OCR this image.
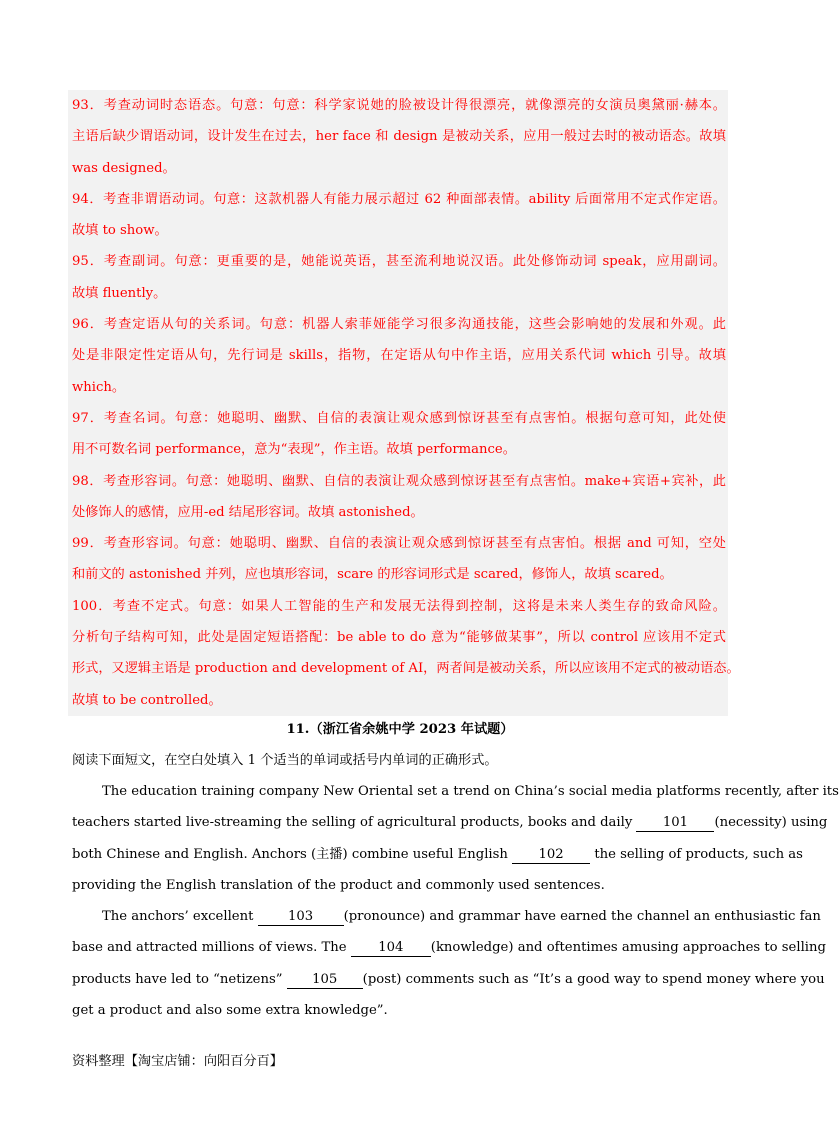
93．考查动词时态语态。句意：句意：科学家说她的脸被设计得很漂亮，就像漂亮的女演员奥黛丽·赫本。
主语后缺少谓语动词，设计发生在过去，her face 和 design 是被动关系，应用一般过去时的被动语态。故填
was designed。
94．考查非谓语动词。句意：这款机器人有能力展示超过 62 种面部表情。ability 后面常用不定式作定语。
故填 to show。
95．考查副词。句意：更重要的是，她能说英语，甚至流利地说汉语。此处修饰动词 speak，应用副词。
故填 fluently。
96．考查定语从句的关系词。句意：机器人索菲娅能学习很多沟通技能，这些会影响她的发展和外观。此
处是非限定性定语从句，先行词是 skills，指物，在定语从句中作主语，应用关系代词 which 引导。故填
which。
97．考查名词。句意：她聪明、幽默、自信的表演让观众感到惊讶甚至有点害怕。根据句意可知，此处使
用不可数名词 performance，意为“表现”，作主语。故填 performance。
98．考查形容词。句意：她聪明、幽默、自信的表演让观众感到惊讶甚至有点害怕。make+宾语+宾补，此
处修饰人的感情，应用-ed 结尾形容词。故填 astonished。
99．考查形容词。句意：她聪明、幽默、自信的表演让观众感到惊讶甚至有点害怕。根据 and 可知，空处
和前文的 astonished 并列，应也填形容词，scare 的形容词形式是 scared，修饰人，故填 scared。
100．考查不定式。句意：如果人工智能的生产和发展无法得到控制，这将是未来人类生存的致命风险。
分析句子结构可知，此处是固定短语搭配：be able to do 意为“能够做某事”，所以 control 应该用不定式
形式，又逻辑主语是 production and development of AI，两者间是被动关系，所以应该用不定式的被动语态。
故填 to be controlled。
11.（浙江省余姚中学 2023 年试题）
阅读下面短文，在空白处填入 1 个适当的单词或括号内单词的正确形式。
The education training company New Oriental set a trend on China’s social media platforms recently, after its
teachers started live-streaming the selling of agricultural products, books and daily 101 (necessity) using
both Chinese and English. Anchors (主播) combine useful English 102 the selling of products, such as
providing the English translation of the product and commonly used sentences.
The anchors’ excellent	103 (pronounce) and grammar have earned the channel an enthusiastic fan
base and attracted millions of views. The 104 (knowledge) and oftentimes amusing approaches to selling
products have led to “netizens” 105 (post) comments such as “It’s a good way to spend money where you
get a product and also some extra knowledge”.
资料整理【淘宝店铺：向阳百分百】
